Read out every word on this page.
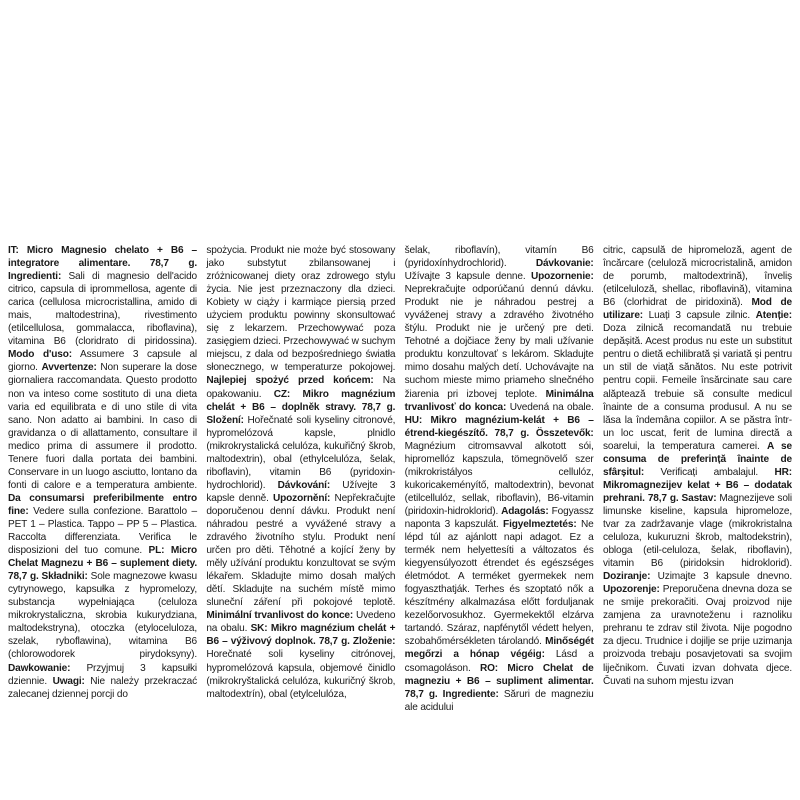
IT: Micro Magnesio chelato + B6 – integratore alimentare. 78,7 g. Ingredienti: Sali di magnesio dell'acido citrico, capsula di iprommellosa, agente di carica (cellulosa microcristallina, amido di mais, maltodestrina), rivestimento (etilcellulosa, gommalacca, riboflavina), vitamina B6 (cloridrato di piridossina). Modo d'uso: Assumere 3 capsule al giorno. Avvertenze: Non superare la dose giornaliera raccomandata. Questo prodotto non va inteso come sostituto di una dieta varia ed equilibrata e di uno stile di vita sano. Non adatto ai bambini. In caso di gravidanza o di allattamento, consultare il medico prima di assumere il prodotto. Tenere fuori dalla portata dei bambini. Conservare in un luogo asciutto, lontano da fonti di calore e a temperatura ambiente. Da consumarsi preferibilmente entro fine: Vedere sulla confezione. Barattolo – PET 1 – Plastica. Tappo – PP 5 – Plastica. Raccolta differenziata. Verifica le disposizioni del tuo comune. PL: Micro Chelat Magnezu + B6 – suplement diety. 78,7 g. Składniki: Sole magnezowe kwasu cytrynowego, kapsułka z hypromelozy, substancja wypełniająca (celuloza mikrokrystaliczna, skrobia kukurydziana, maltodekstryna), otoczka (etyloceluloza, szelak, ryboflawina), witamina B6 (chlorowodorek pirydoksyny). Dawkowanie: Przyjmuj 3 kapsułki dziennie. Uwagi: Nie należy przekraczać zalecanej dziennej porcji do

spożycia. Produkt nie może być stosowany jako substytut zbilansowanej i zróżnicowanej diety oraz zdrowego stylu życia. Nie jest przeznaczony dla dzieci. Kobiety w ciąży i karmiące piersią przed użyciem produktu powinny skonsultować się z lekarzem. Przechowywać poza zasięgiem dzieci. Przechowywać w suchym miejscu, z dala od bezpośredniego światła słonecznego, w temperaturze pokojowej. Najlepiej spożyć przed końcem: Na opakowaniu. CZ: Mikro magnézium chelát + B6 – doplněk stravy. 78,7 g. Složení: Hořečnaté soli kyseliny citronové, hypromelózová kapsle, plnidlo (mikrokrystalická celulóza, kukuřičný škrob, maltodextrin), obal (ethylcelulóza, šelak, riboflavin), vitamin B6 (pyridoxin-hydrochlorid). Dávkování: Užívejte 3 kapsle denně. Upozornění: Nepřekračujte doporučenou denní dávku. Produkt není náhradou pestré a vyvážené stravy a zdravého životního stylu. Produkt není určen pro děti. Těhotné a kojící ženy by měly užívání produktu konzultovat se svým lékařem. Skladujte mimo dosah malých dětí. Skladujte na suchém místě mimo sluneční záření při pokojové teplotě. Minimální trvanlivost do konce: Uvedeno na obalu. SK: Mikro magnézium chelát + B6 – výživový doplnok. 78,7 g. Zloženie: Horečnaté soli kyseliny citrónovej, hypromelózová kapsula, objemové činidlo (mikrokryštalická celulóza, kukuričný škrob, maltodextrín), obal (etylcelulóza,

šelak, riboflavín), vitamín B6 (pyridoxínhydrochlorid). Dávkovanie: Užívajte 3 kapsule denne. Upozornenie: Neprekračujte odporúčanú dennú dávku. Produkt nie je náhradou pestrej a vyváženej stravy a zdravého životného štýlu. Produkt nie je určený pre deti. Tehotné a dojčiace ženy by mali užívanie produktu konzultovať s lekárom. Skladujte mimo dosahu malých detí. Uchovávajte na suchom mieste mimo priameho slnečného žiarenia pri izbovej teplote. Minimálna trvanlivosť do konca: Uvedená na obale. HU: Mikro magnézium-kelát + B6 – étrend-kiegészítő. 78,7 g. Összetevők: Magnézium citromsavval alkotott sói, hipromellóz kapszula, tömegnövelő szer (mikrokristályos cellulóz, kukoricakeményítő, maltodextrin), bevonat (etilcellulóz, sellak, riboflavin), B6-vitamin (piridoxin-hidroklorid). Adagolás: Fogyassz naponta 3 kapszulát. Figyelmeztetés: Ne lépd túl az ajánlott napi adagot. Ez a termék nem helyettesíti a változatos és kiegyensúlyozott étrendet és egészséges életmódot. A terméket gyermekek nem fogyaszthatják. Terhes és szoptató nők a készítmény alkalmazása előtt forduljanak kezelőorvosukhoz. Gyermekektől elzárva tartandó. Száraz, napfénytől védett helyen, szobahőmérsékleten tárolandó. Minőségét megőrzi a hónap végéig: Lásd a csomagoláson. RO: Micro Chelat de magneziu + B6 – supliment alimentar. 78,7 g. Ingrediente: Săruri de magneziu ale acidului

citric, capsulă de hipromeloză, agent de încărcare (celuloză microcristalină, amidon de porumb, maltodextrină), înveliș (etilceluloză, shellac, riboflavină), vitamina B6 (clorhidrat de piridoxină). Mod de utilizare: Luați 3 capsule zilnic. Atenție: Doza zilnică recomandată nu trebuie depășită. Acest produs nu este un substitut pentru o dietă echilibrată și variată și pentru un stil de viață sănătos. Nu este potrivit pentru copii. Femeile însărcinate sau care alăptează trebuie să consulte medicul înainte de a consuma produsul. A nu se lăsa la îndemâna copiilor. A se păstra într-un loc uscat, ferit de lumina directă a soarelui, la temperatura camerei. A se consuma de preferință înainte de sfârșitul: Verificați ambalajul. HR: Mikromagnezijev kelat + B6 – dodatak prehrani. 78,7 g. Sastav: Magnezijeve soli limunske kiseline, kapsula hipromeloze, tvar za zadržavanje vlage (mikrokristalna celuloza, kukuruzni škrob, maltodekstrin), obloga (etil-celuloza, šelak, riboflavin), vitamin B6 (piridoksin hidroklorid). Doziranje: Uzimajte 3 kapsule dnevno. Upozorenje: Preporučena dnevna doza se ne smije prekoračiti. Ovaj proizvod nije zamjena za uravnoteženu i raznoliku prehranu te zdrav stil života. Nije pogodno za djecu. Trudnice i dojilje se prije uzimanja proizvoda trebaju posavjetovati sa svojim liječnikom. Čuvati izvan dohvata djece. Čuvati na suhom mjestu izvan
